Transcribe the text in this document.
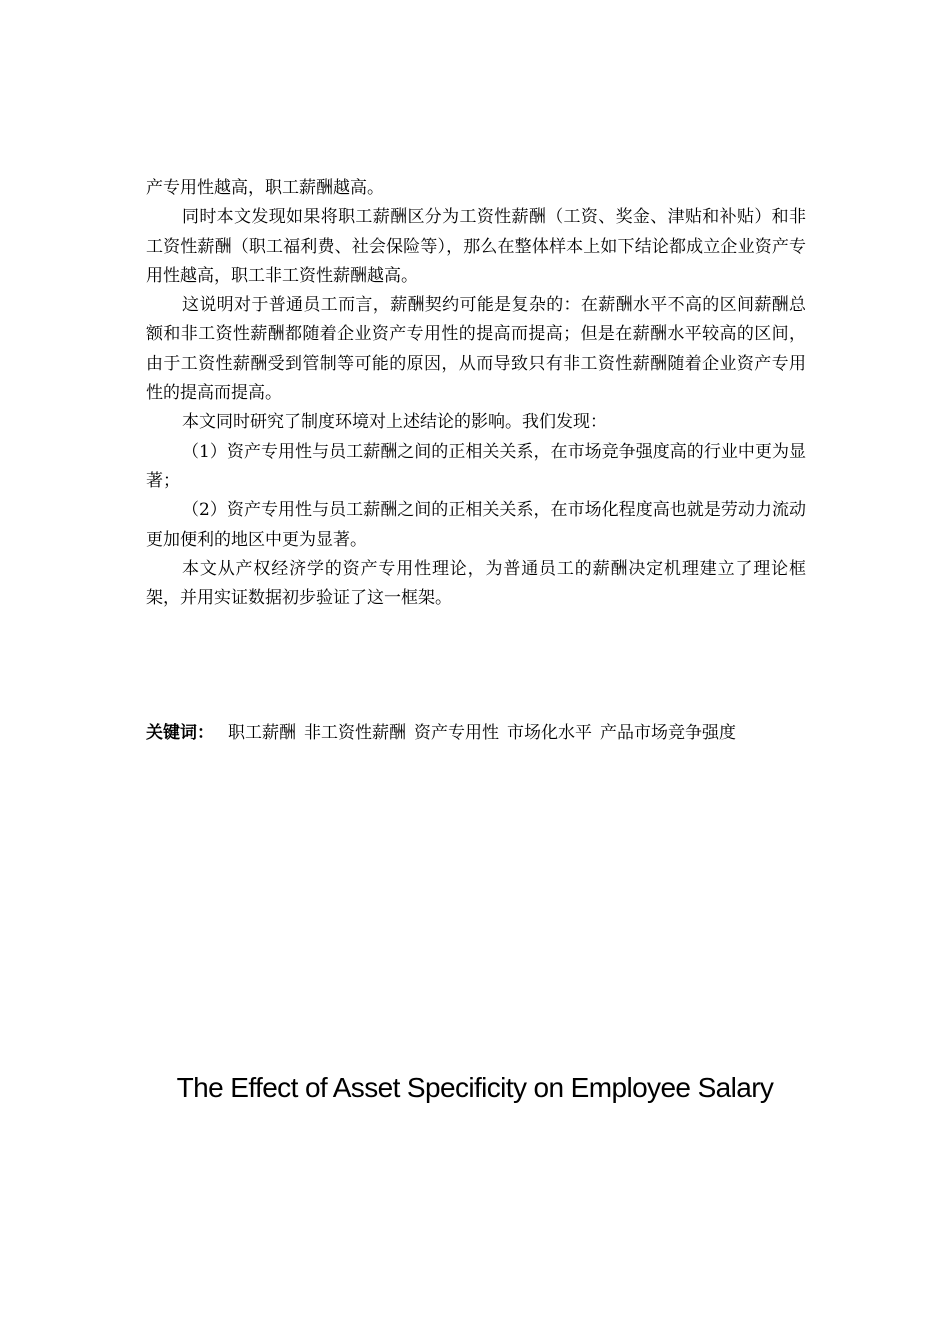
产专用性越高，职工薪酬越高。

同时本文发现如果将职工薪酬区分为工资性薪酬（工资、奖金、津贴和补贴）和非工资性薪酬（职工福利费、社会保险等），那么在整体样本上如下结论都成立企业资产专用性越高，职工非工资性薪酬越高。

这说明对于普通员工而言，薪酬契约可能是复杂的：在薪酬水平不高的区间薪酬总额和非工资性薪酬都随着企业资产专用性的提高而提高；但是在薪酬水平较高的区间，由于工资性薪酬受到管制等可能的原因，从而导致只有非工资性薪酬随着企业资产专用性的提高而提高。

本文同时研究了制度环境对上述结论的影响。我们发现：

（1）资产专用性与员工薪酬之间的正相关关系，在市场竞争强度高的行业中更为显著；

（2）资产专用性与员工薪酬之间的正相关关系，在市场化程度高也就是劳动力流动更加便利的地区中更为显著。

本文从产权经济学的资产专用性理论，为普通员工的薪酬决定机理建立了理论框架，并用实证数据初步验证了这一框架。

关键词： 职工薪酬 非工资性薪酬 资产专用性 市场化水平 产品市场竞争强度
The Effect of Asset Specificity on Employee Salary
